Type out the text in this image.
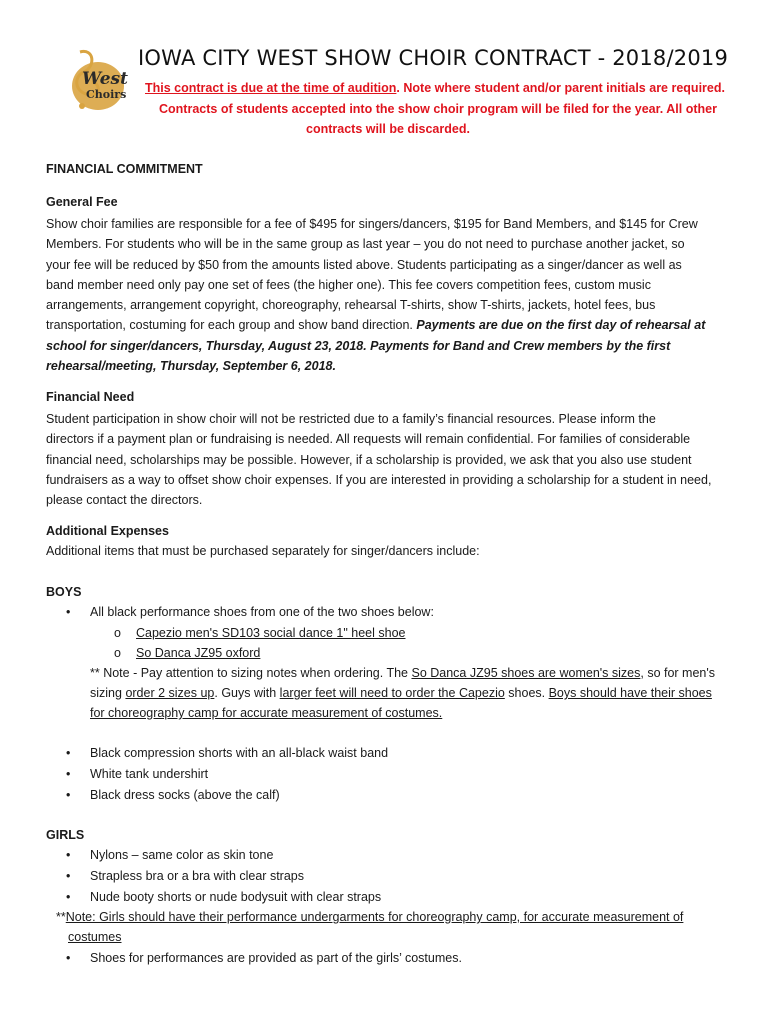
West
Choirs
IOWA CITY WEST SHOW CHOIR CONTRACT - 2018/2019
This contract is due at the time of audition. Note where student and/or parent initials are required.
Contracts of students accepted into the show choir program will be filed for the year. All other
contracts will be discarded.
FINANCIAL COMMITMENT
General Fee

Show choir families are responsible for a fee of $495 for singers/dancers, $195 for Band Members, and $145 for Crew

Members. For students who will be in the same group as last year – you do not need to purchase another jacket, so

your fee will be reduced by $50 from the amounts listed above. Students participating as a singer/dancer as well as

band member need only pay one set of fees (the higher one). This fee covers competition fees, custom music

arrangements, arrangement copyright, choreography, rehearsal T-shirts, show T-shirts, jackets, hotel fees, bus

transportation, costuming for each group and show band direction. Payments are due on the first day of rehearsal at

school for singer/dancers, Thursday, August 23, 2018. Payments for Band and Crew members by the first

rehearsal/meeting, Thursday, September 6, 2018.

Financial Need

Student participation in show choir will not be restricted due to a family’s financial resources. Please inform the

directors if a payment plan or fundraising is needed. All requests will remain confidential. For families of considerable

financial need, scholarships may be possible. However, if a scholarship is provided, we ask that you also use student

fundraisers as a way to offset show choir expenses. If you are interested in providing a scholarship for a student in need,

please contact the directors.

Additional Expenses
Additional items that must be purchased separately for singer/dancers include:
BOYS
• All black performance shoes from one of the two shoes below:
o Capezio men's SD103 social dance 1" heel shoe
o So Danca JZ95 oxford
** Note - Pay attention to sizing notes when ordering. The So Danca JZ95 shoes are women's sizes, so for men's
sizing order 2 sizes up. Guys with larger feet will need to order the Capezio shoes. Boys should have their shoes
for choreography camp for accurate measurement of costumes.
• Black compression shorts with an all-black waist band
• White tank undershirt
• Black dress socks (above the calf)
GIRLS
• Nylons – same color as skin tone
• Strapless bra or a bra with clear straps
• Nude booty shorts or nude bodysuit with clear straps
**Note: Girls should have their performance undergarments for choreography camp, for accurate measurement of
costumes
• Shoes for performances are provided as part of the girls’ costumes.
